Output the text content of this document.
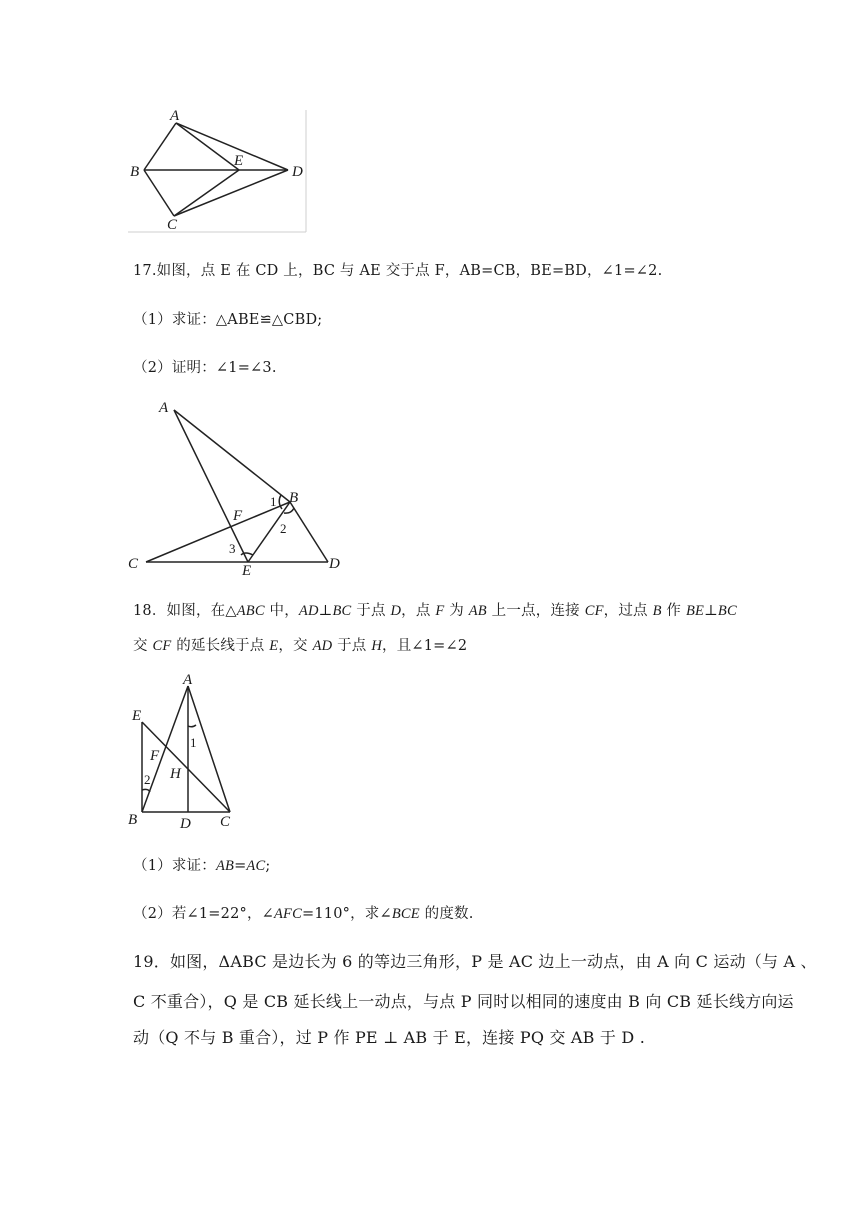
A
B
C
D
E

17.如图，点 E 在 CD 上，BC 与 AE 交于点 F，AB=CB，BE=BD，∠1=∠2.

（1）求证：△ABE≌△CBD;

（2）证明：∠1=∠3.

A
B
C	D
E
F
1
2
3

18．如图，在△ABC 中，AD⊥BC 于点 D，点 F 为 AB 上一点，连接 CF，过点 B 作 BE⊥BC

交 CF 的延长线于点 E，交 AD 于点 H，且∠1=∠2

A
B	C
D
E
F
H
1
2

（1）求证：AB=AC;

（2）若∠1=22°，∠AFC=110°，求∠BCE 的度数.

19．如图，ΔABC 是边长为 6 的等边三角形，P 是 AC 边上一动点，由 A 向 C 运动（与 A 、

C 不重合），Q 是 CB 延长线上一动点，与点 P 同时以相同的速度由 B 向 CB 延长线方向运

动（Q 不与 B 重合），过 P 作 PE ⊥ AB 于 E，连接 PQ 交 AB 于 D .
